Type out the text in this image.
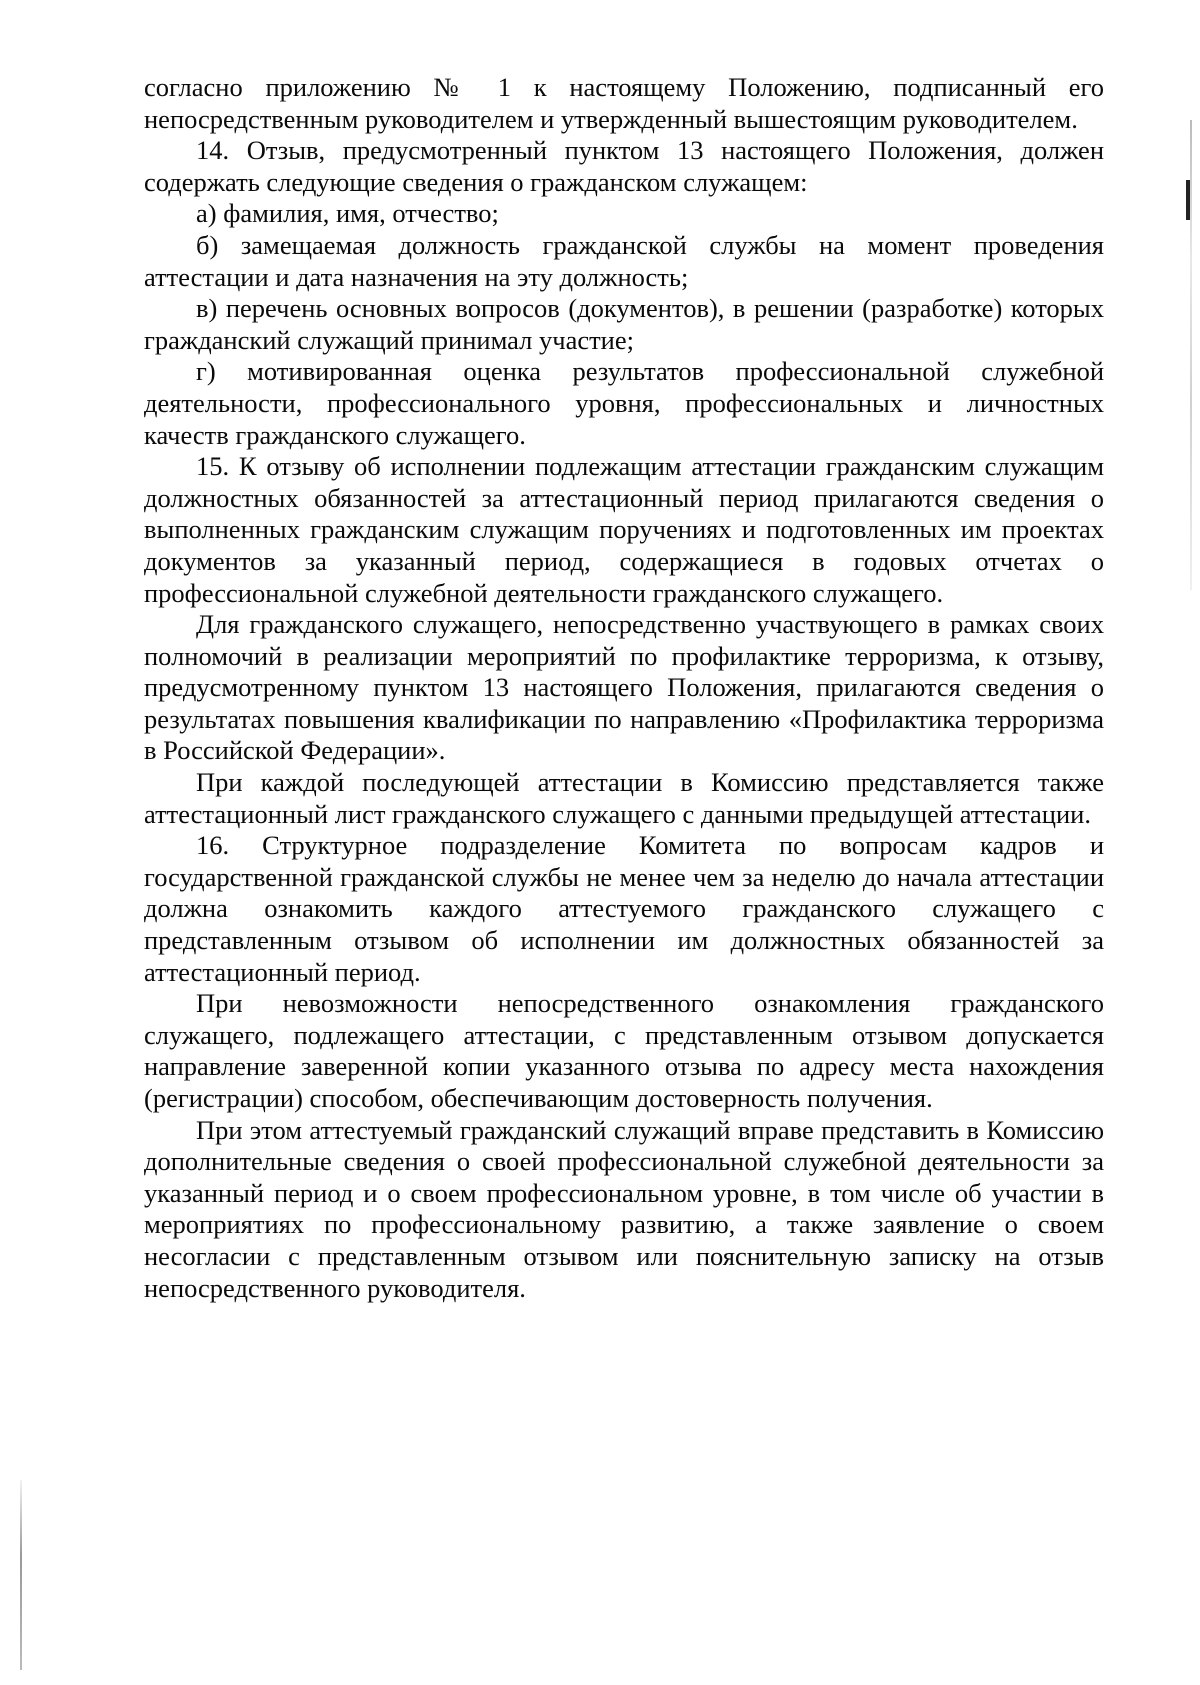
согласно приложению № 1 к настоящему Положению, подписанный его непосредственным руководителем и утвержденный вышестоящим руководителем.

14. Отзыв, предусмотренный пунктом 13 настоящего Положения, должен содержать следующие сведения о гражданском служащем:

а) фамилия, имя, отчество;

б) замещаемая должность гражданской службы на момент проведения аттестации и дата назначения на эту должность;

в) перечень основных вопросов (документов), в решении (разработке) которых гражданский служащий принимал участие;

г) мотивированная оценка результатов профессиональной служебной деятельности, профессионального уровня, профессиональных и личностных качеств гражданского служащего.

15. К отзыву об исполнении подлежащим аттестации гражданским служащим должностных обязанностей за аттестационный период прилагаются сведения о выполненных гражданским служащим поручениях и подготовленных им проектах документов за указанный период, содержащиеся в годовых отчетах о профессиональной служебной деятельности гражданского служащего.

Для гражданского служащего, непосредственно участвующего в рамках своих полномочий в реализации мероприятий по профилактике терроризма, к отзыву, предусмотренному пунктом 13 настоящего Положения, прилагаются сведения о результатах повышения квалификации по направлению «Профилактика терроризма в Российской Федерации».

При каждой последующей аттестации в Комиссию представляется также аттестационный лист гражданского служащего с данными предыдущей аттестации.

16. Структурное подразделение Комитета по вопросам кадров и государственной гражданской службы не менее чем за неделю до начала аттестации должна ознакомить каждого аттестуемого гражданского служащего с представленным отзывом об исполнении им должностных обязанностей за аттестационный период.

При невозможности непосредственного ознакомления гражданского служащего, подлежащего аттестации, с представленным отзывом допускается направление заверенной копии указанного отзыва по адресу места нахождения (регистрации) способом, обеспечивающим достоверность получения.

При этом аттестуемый гражданский служащий вправе представить в Комиссию дополнительные сведения о своей профессиональной служебной деятельности за указанный период и о своем профессиональном уровне, в том числе об участии в мероприятиях по профессиональному развитию, а также заявление о своем несогласии с представленным отзывом или пояснительную записку на отзыв непосредственного руководителя.
